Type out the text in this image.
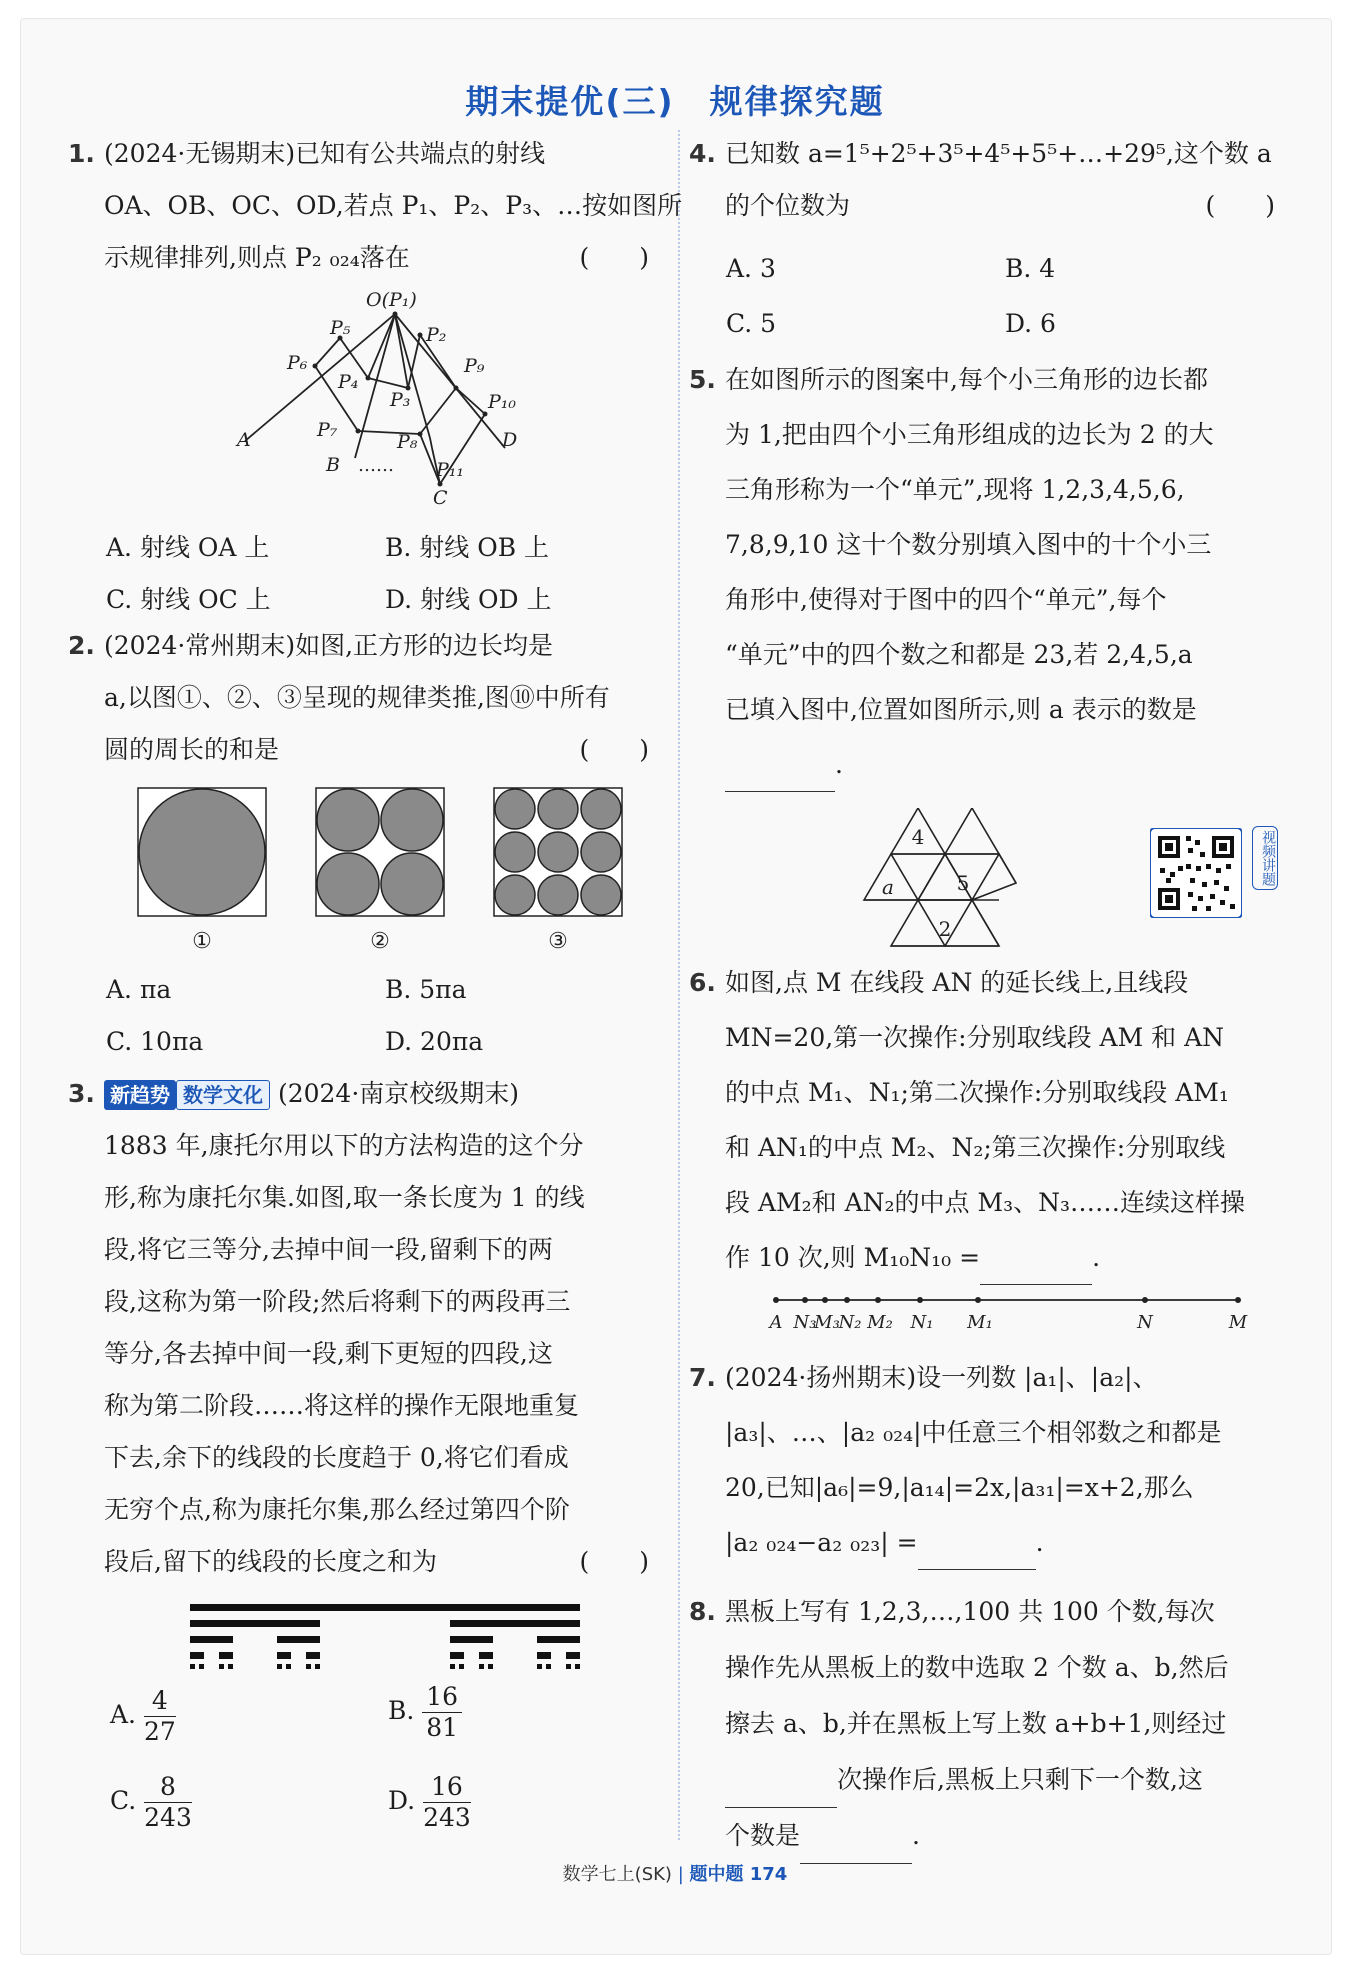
期末提优(三)　规律探究题
1. (2024·无锡期末)已知有公共端点的射线
OA、OB、OC、OD,若点 P₁、P₂、P₃、…按如图所
示规律排列,则点 P₂ ₀₂₄落在	(　　)
O(P₁)
P₂
P₃
P₄
P₅
P₆
P₇
P₈
P₉
P₁₀
P₁₁
A
B
C
D
……
A. 射线 OA 上	B. 射线 OB 上
C. 射线 OC 上	D. 射线 OD 上
2. (2024·常州期末)如图,正方形的边长均是
a,以图①、②、③呈现的规律类推,图⑩中所有
圆的周长的和是	(　　)
①	②	③
A. πa	B. 5πa
C. 10πa	D. 20πa
3. 新趋势 数学文化 (2024·南京校级期末)
1883 年,康托尔用以下的方法构造的这个分
形,称为康托尔集.如图,取一条长度为 1 的线
段,将它三等分,去掉中间一段,留剩下的两
段,这称为第一阶段;然后将剩下的两段再三
等分,各去掉中间一段,剩下更短的四段,这
称为第二阶段……将这样的操作无限地重复
下去,余下的线段的长度趋于 0,将它们看成
无穷个点,称为康托尔集,那么经过第四个阶
段后,留下的线段的长度之和为	(　　)
A. $\frac{4}{27}$	B. $\frac{16}{81}$
C. $\frac{8}{243}$	D. $\frac{16}{243}$
4. 已知数 a=1⁵+2⁵+3⁵+4⁵+5⁵+…+29⁵,这个数 a
的个位数为	(　　)
A. 3	B. 4
C. 5	D. 6
5. 在如图所示的图案中,每个小三角形的边长都
为 1,把由四个小三角形组成的边长为 2 的大
三角形称为一个“单元”,现将 1,2,3,4,5,6,
7,8,9,10 这十个数分别填入图中的十个小三
角形中,使得对于图中的四个“单元”,每个
“单元”中的四个数之和都是 23,若 2,4,5,a
已填入图中,位置如图所示,则 a 表示的数是
.
4
5
a
2
视频讲题
6. 如图,点 M 在线段 AN 的延长线上,且线段
MN=20,第一次操作:分别取线段 AM 和 AN
的中点 M₁、N₁;第二次操作:分别取线段 AM₁
和 AN₁的中点 M₂、N₂;第三次操作:分别取线
段 AM₂和 AN₂的中点 M₃、N₃……连续这样操
作 10 次,则 M₁₀N₁₀ =	.
A N₃
M₃
N₂ M₂ N₁ M₁	N	M
7. (2024·扬州期末)设一列数 |a₁|、|a₂|、
|a₃|、…、|a₂ ₀₂₄|中任意三个相邻数之和都是
20,已知|a₆|=9,|a₁₄|=2x,|a₃₁|=x+2,那么
|a₂ ₀₂₄−a₂ ₀₂₃| =	.
8. 黑板上写有 1,2,3,…,100 共 100 个数,每次
操作先从黑板上的数中选取 2 个数 a、b,然后
擦去 a、b,并在黑板上写上数 a+b+1,则经过
次操作后,黑板上只剩下一个数,这
个数是	.
数学七上(SK) | 题中题 174
